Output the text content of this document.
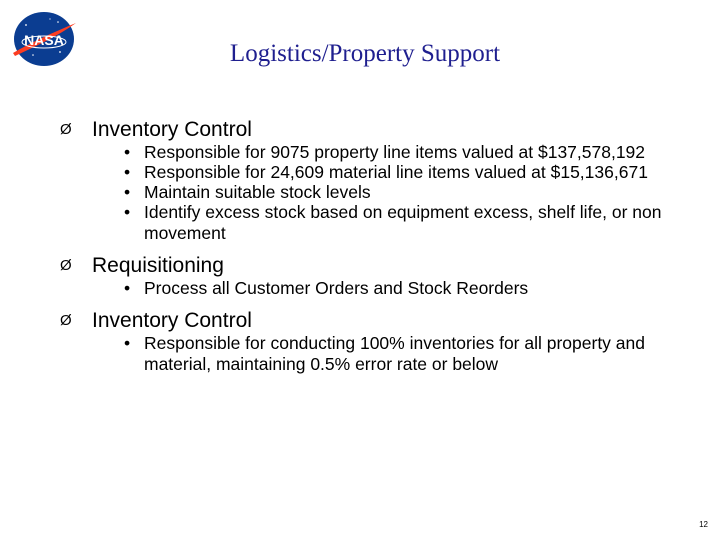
NASA	Logistics/Property Support
Ø Inventory Control
• Responsible for 9075 property line items valued at $137,578,192
• Responsible for 24,609 material line items valued at $15,136,671
• Maintain suitable stock levels
• Identify excess stock based on equipment excess, shelf life, or non movement
Ø Requisitioning
• Process all Customer Orders and Stock Reorders
Ø Inventory Control
• Responsible for conducting 100% inventories for all property and material, maintaining 0.5% error rate or below
12
